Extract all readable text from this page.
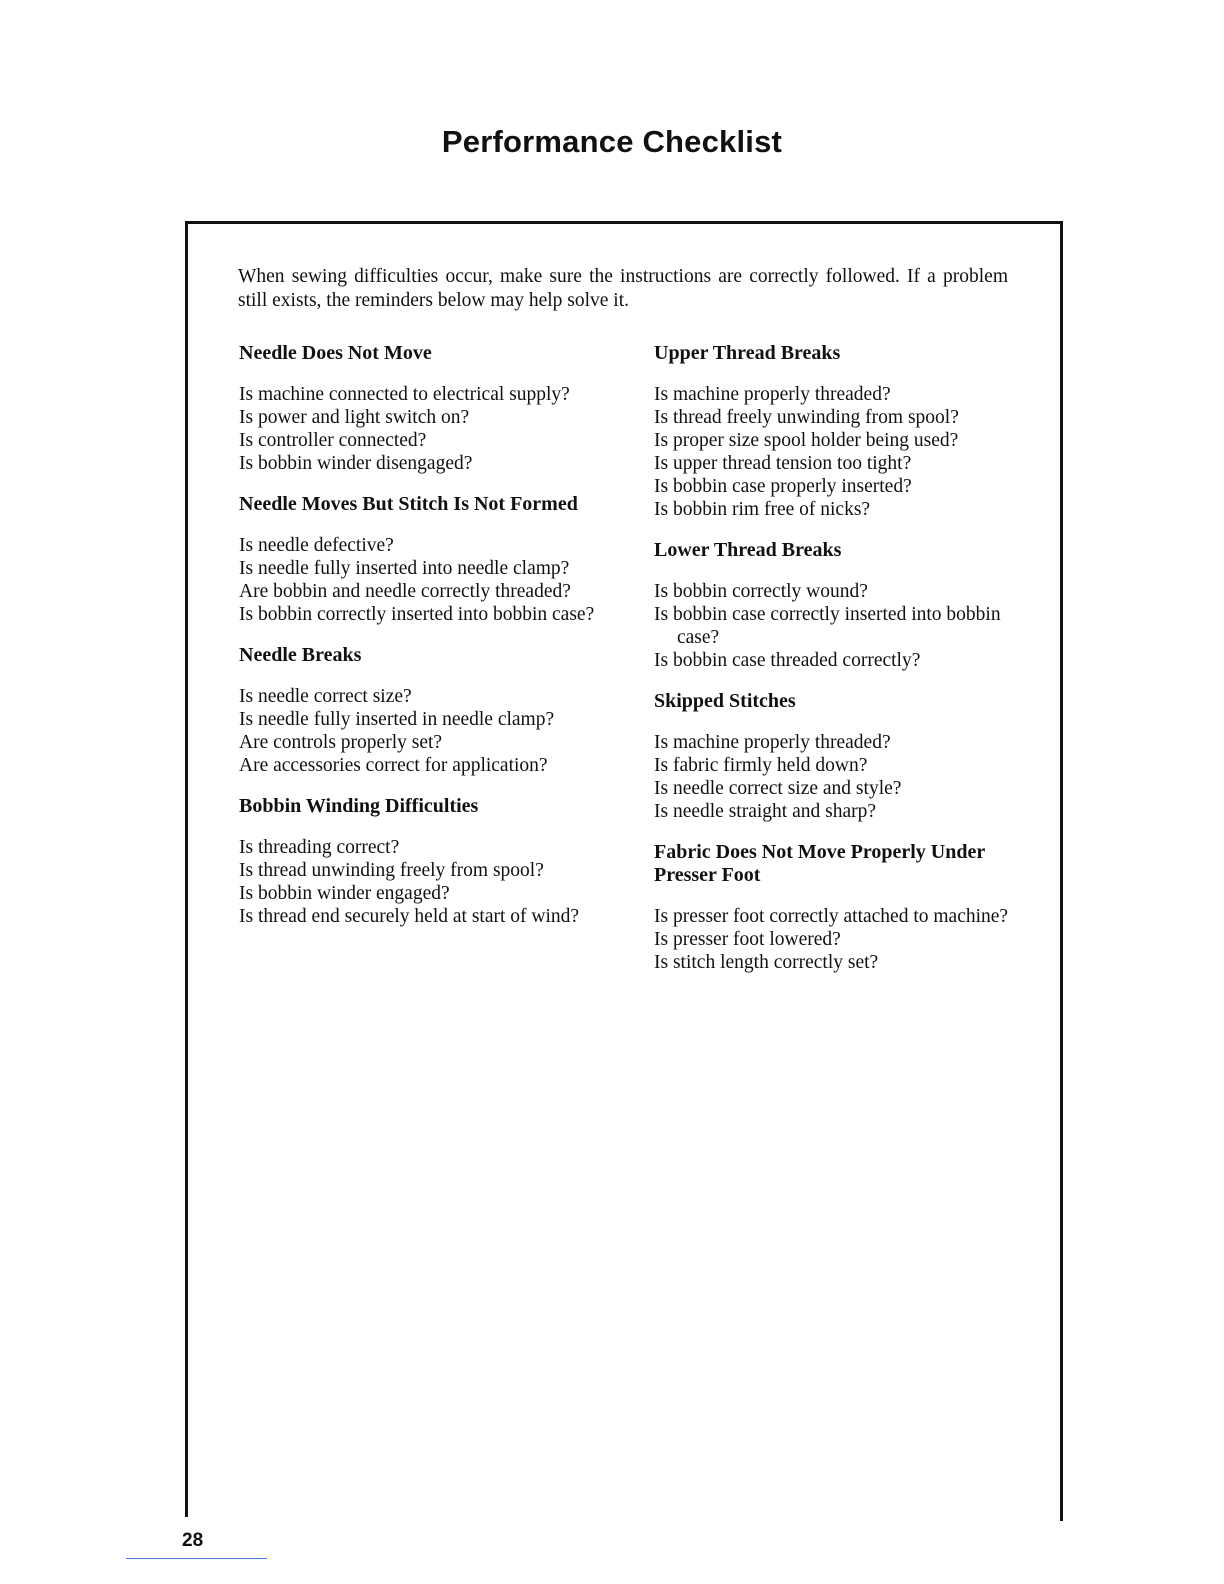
Performance Checklist
When sewing difficulties occur, make sure the instructions are correctly followed. If a problem still exists, the reminders below may help solve it.
Needle Does Not Move
Is machine connected to electrical supply?
Is power and light switch on?
Is controller connected?
Is bobbin winder disengaged?
Needle Moves But Stitch Is Not Formed
Is needle defective?
Is needle fully inserted into needle clamp?
Are bobbin and needle correctly threaded?
Is bobbin correctly inserted into bobbin case?
Needle Breaks
Is needle correct size?
Is needle fully inserted in needle clamp?
Are controls properly set?
Are accessories correct for application?
Bobbin Winding Difficulties
Is threading correct?
Is thread unwinding freely from spool?
Is bobbin winder engaged?
Is thread end securely held at start of wind?
Upper Thread Breaks
Is machine properly threaded?
Is thread freely unwinding from spool?
Is proper size spool holder being used?
Is upper thread tension too tight?
Is bobbin case properly inserted?
Is bobbin rim free of nicks?
Lower Thread Breaks
Is bobbin correctly wound?
Is bobbin case correctly inserted into bobbin case?
Is bobbin case threaded correctly?
Skipped Stitches
Is machine properly threaded?
Is fabric firmly held down?
Is needle correct size and style?
Is needle straight and sharp?
Fabric Does Not Move Properly Under Presser Foot
Is presser foot correctly attached to machine?
Is presser foot lowered?
Is stitch length correctly set?
28
